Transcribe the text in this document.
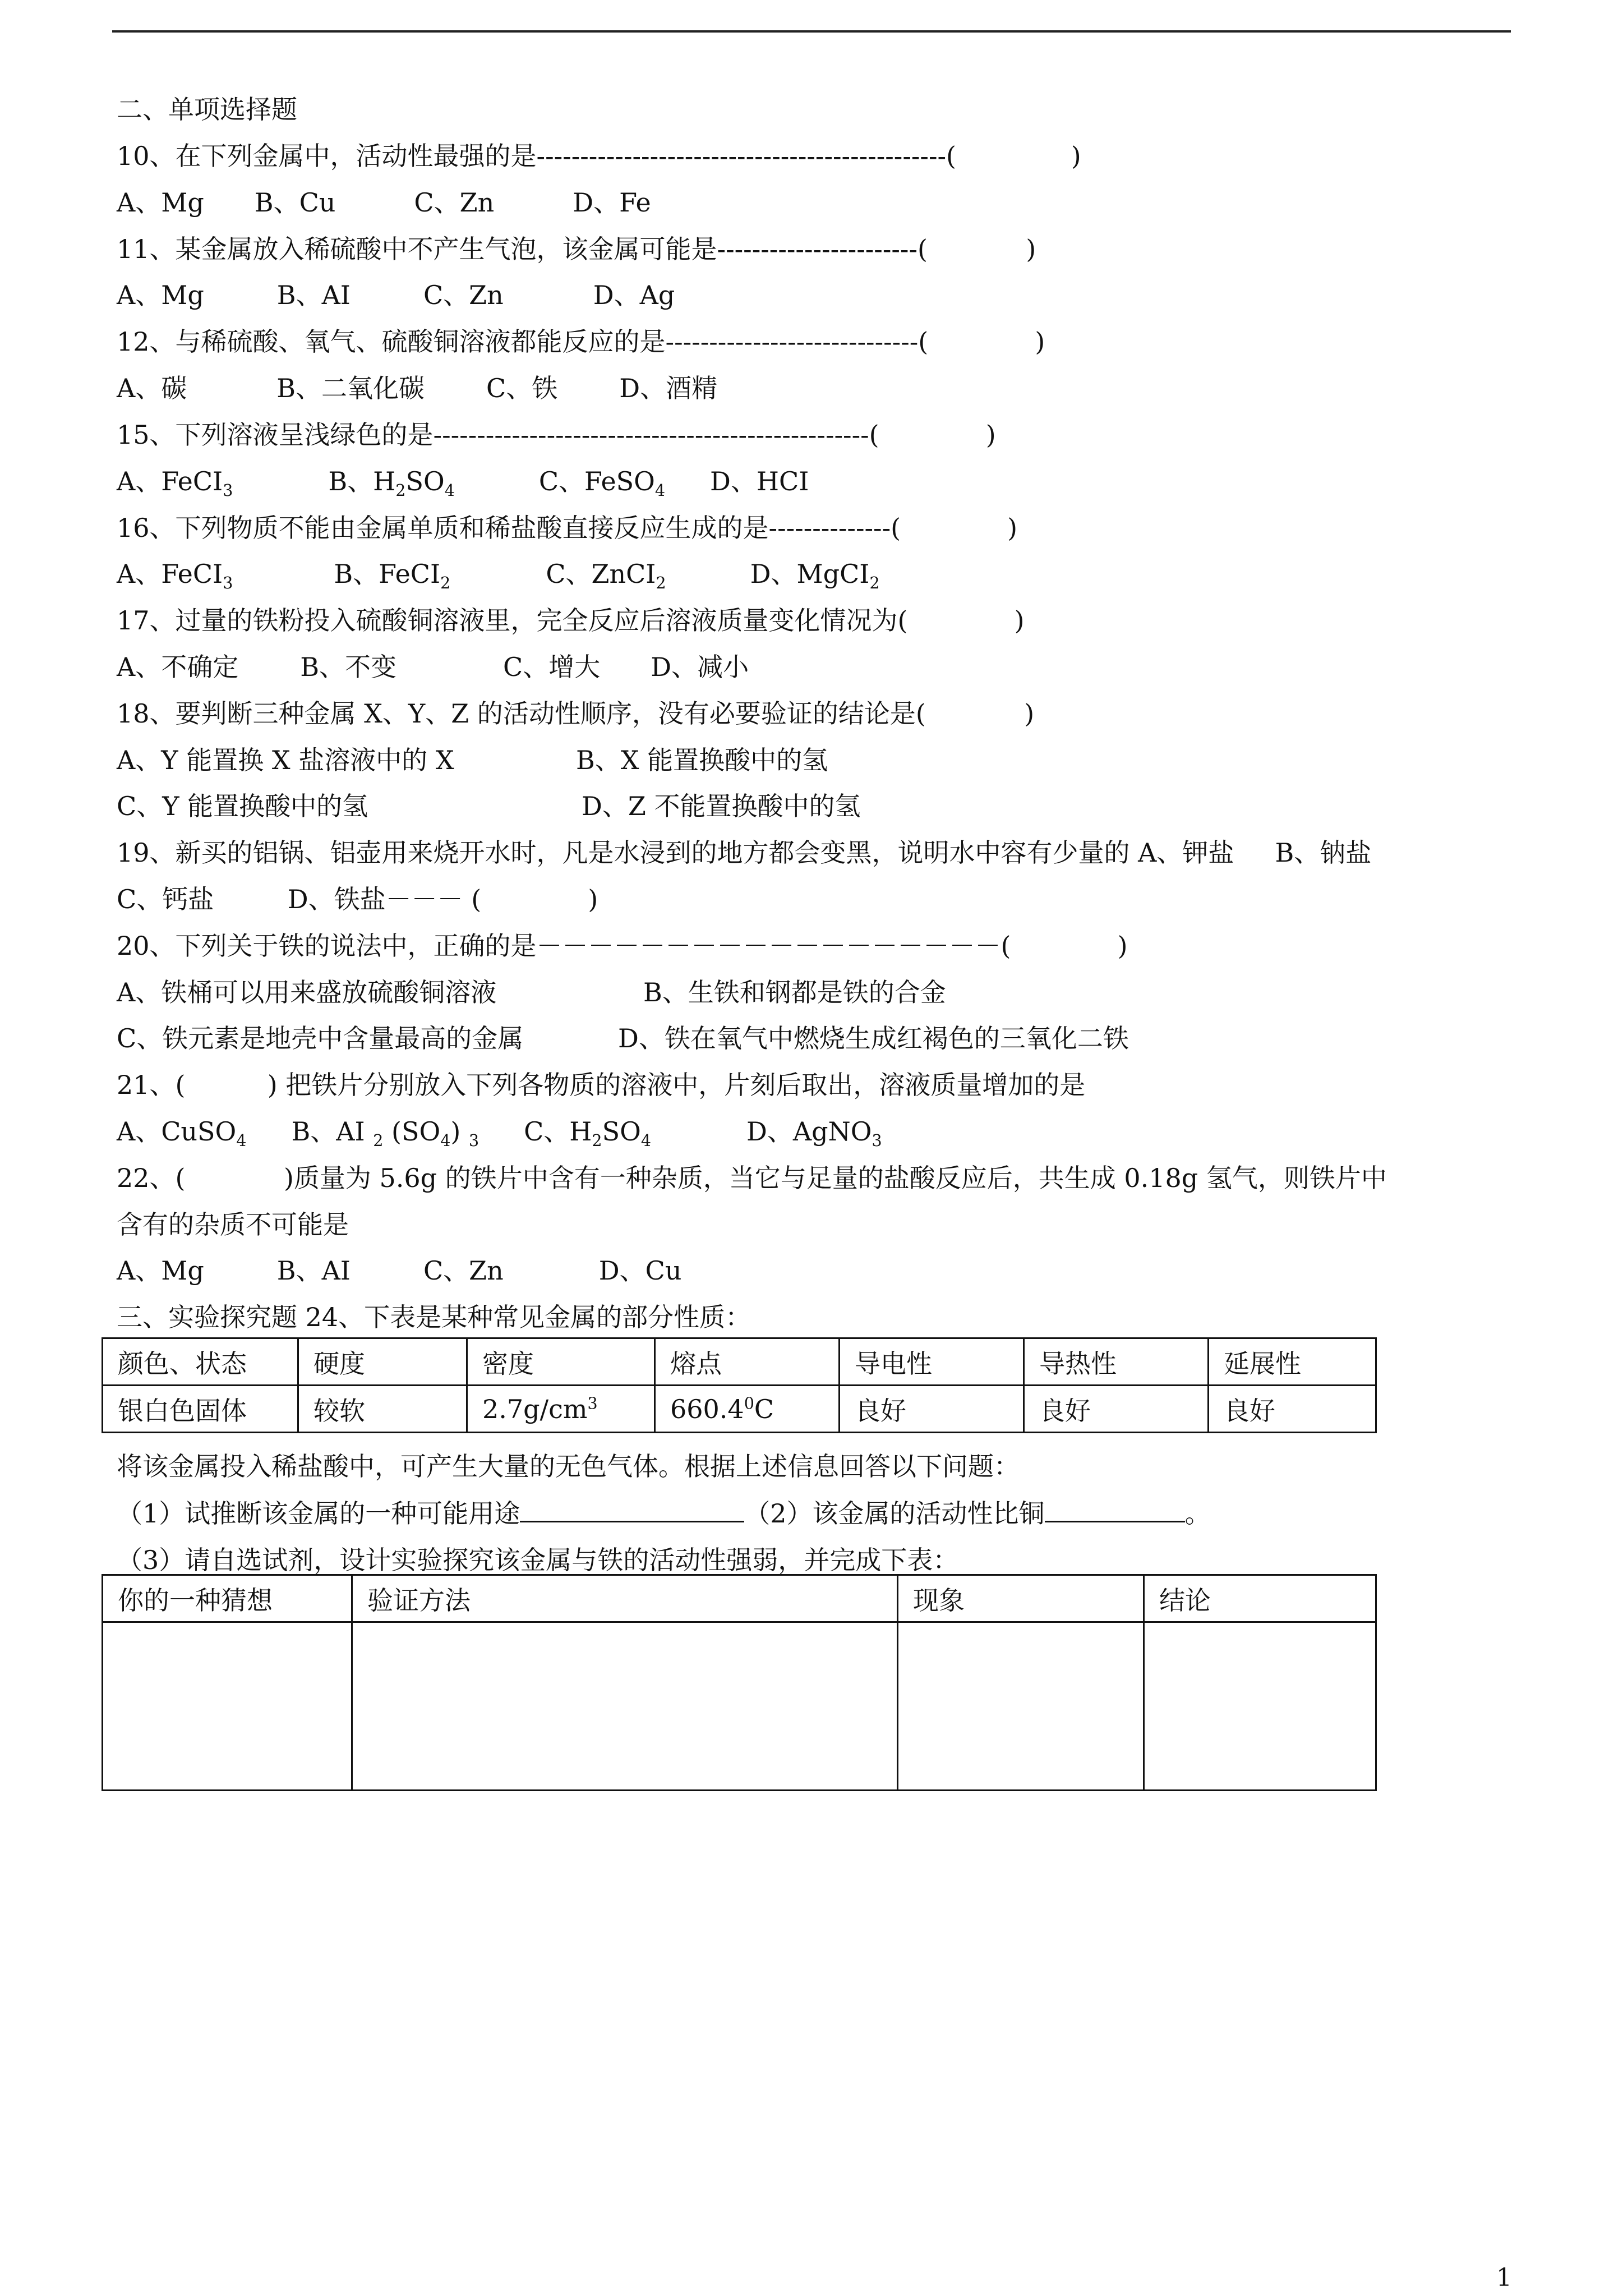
二、单项选择题
10、在下列金属中，活动性最强的是-----------------------------------------------(              )
A、Mg B、Cu	C、Zn	D、Fe
11、某金属放入稀硫酸中不产生气泡，该金属可能是-----------------------(            )
A、Mg	B、AI	C、Zn	D、Ag
12、与稀硫酸、氧气、硫酸铜溶液都能反应的是-----------------------------(             )
A、碳	B、二氧化碳 C、铁 D、酒精
15、下列溶液呈浅绿色的是--------------------------------------------------(             )
A、FeCI$_3$	B、$H_2SO_4$	C、FeSO$_4$ D、HCI
16、下列物质不能由金属单质和稀盐酸直接反应生成的是--------------(             )
A、FeCI$_3$	B、FeCI$_2$	C、ZnCI$_2$	D、MgCI$_2$
17、过量的铁粉投入硫酸铜溶液里，完全反应后溶液质量变化情况为(             )
A、不确定 B、不变	C、增大 D、减小
18、要判断三种金属 X、Y、Z 的活动性顺序，没有必要验证的结论是(            )
A、Y 能置换 X 盐溶液中的 X	B、X 能置换酸中的氢
C、Y 能置换酸中的氢	D、Z 不能置换酸中的氢
19、新买的铝锅、铝壶用来烧开水时，凡是水浸到的地方都会变黑，说明水中容有少量的 A、钾盐     B、钠盐
C、钙盐         D、铁盐－－－ (             )
20、下列关于铁的说法中，正确的是－－－－－－－－－－－－－－－－－－(             )
A、铁桶可以用来盛放硫酸铜溶液	B、生铁和钢都是铁的合金
C、铁元素是地壳中含量最高的金属	D、铁在氧气中燃烧生成红褐色的三氧化二铁
21、(          ) 把铁片分别放入下列各物质的溶液中，片刻后取出，溶液质量增加的是
A、CuSO$_4$ B、AI $_2$ $(SO_4)$ $_3$ C、$H_2SO_4$	D、AgNO$_3$
22、(            )质量为 5.6g 的铁片中含有一种杂质，当它与足量的盐酸反应后，共生成 0.18g 氢气，则铁片中
含有的杂质不可能是
A、Mg	B、AI	C、Zn	D、Cu
三、实验探究题 24、下表是某种常见金属的部分性质：
颜色、状态	硬度	密度	熔点	导电性	导热性	延展性
银白色固体	较软	$2.7g/cm^3$	660.4$^0$C	良好	良好	良好
将该金属投入稀盐酸中，可产生大量的无色气体。根据上述信息回答以下问题：
（1）试推断该金属的一种可能用途	（2）该金属的活动性比铜	。
（3）请自选试剂，设计实验探究该金属与铁的活动性强弱，并完成下表：
你的一种猜想	验证方法	现象	结论

1
